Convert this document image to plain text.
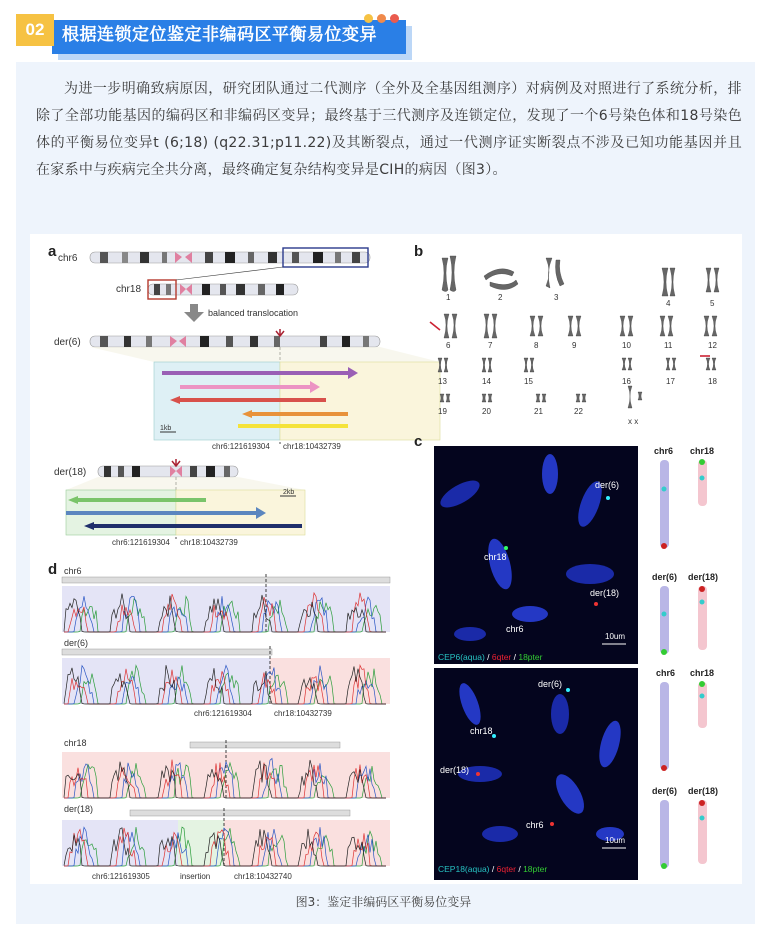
02	根据连锁定位鉴定非编码区平衡易位变异
为进一步明确致病原因，研究团队通过二代测序（全外及全基因组测序）对病例及对照进行了系统分析，排除了全部功能基因的编码区和非编码区变异；最终基于三代测序及连锁定位，发现了一个6号染色体和18号染色体的平衡易位变异t (6;18) (q22.31;p11.22)及其断裂点，通过一代测序证实断裂点不涉及已知功能基因并且在家系中与疾病完全共分离，最终确定复杂结构变异是CIH的病因（图3）。
a chr6
chr18
balanced translocation
der(6)
1kb
chr6:121619304 chr18:10432739
der(18)
2kb
chr6:121619304 chr18:10432739
b
1	2	3
4	5
6	7	8	9	10	11	12
13	14	15	16	17	18
19	20	21	22
x x
c
der(6)
chr18
der(18)
chr6
10um
CEP6(aqua) / 6qter / 18pter
der(6)
chr18
der(18)
chr6
10um
CEP18(aqua) / 6qter / 18pter
chr6 chr18
der(6) der(18)
chr6 chr18
der(6) der(18)
d chr6
der(6)
chr6:121619304	chr18:10432739
chr18
der(18)
chr6:121619305	insertion	chr18:10432740
图3：鉴定非编码区平衡易位变异
